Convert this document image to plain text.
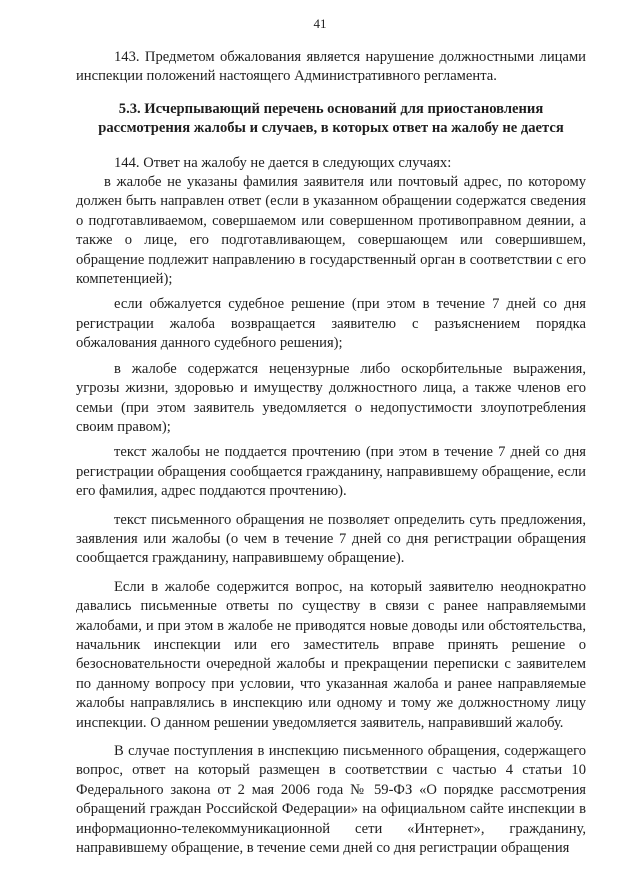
41

143. Предметом обжалования является нарушение должностными лицами инспекции положений настоящего Административного регламента.

5.3. Исчерпывающий перечень оснований для приостановления рассмотрения жалобы и случаев, в которых ответ на жалобу не дается

144. Ответ на жалобу не дается в следующих случаях:

в жалобе не указаны фамилия заявителя или почтовый адрес, по которому должен быть направлен ответ (если в указанном обращении содержатся сведения о подготавливаемом, совершаемом или совершенном противоправном деянии, а также о лице, его подготавливающем, совершающем или совершившем, обращение подлежит направлению в государственный орган в соответствии с его компетенцией);

если обжалуется судебное решение (при этом в течение 7 дней со дня регистрации жалоба возвращается заявителю с разъяснением порядка обжалования данного судебного решения);

в жалобе содержатся нецензурные либо оскорбительные выражения, угрозы жизни, здоровью и имуществу должностного лица, а также членов его семьи (при этом заявитель уведомляется о недопустимости злоупотребления своим правом);

текст жалобы не поддается прочтению (при этом в течение 7 дней со дня регистрации обращения сообщается гражданину, направившему обращение, если его фамилия, адрес поддаются прочтению).

текст письменного обращения не позволяет определить суть предложения, заявления или жалобы (о чем в течение 7 дней со дня регистрации обращения сообщается гражданину, направившему обращение).

Если в жалобе содержится вопрос, на который заявителю неоднократно давались письменные ответы по существу в связи с ранее направляемыми жалобами, и при этом в жалобе не приводятся новые доводы или обстоятельства, начальник инспекции или его заместитель вправе принять решение о безосновательности очередной жалобы и прекращении переписки с заявителем по данному вопросу при условии, что указанная жалоба и ранее направляемые жалобы направлялись в инспекцию или одному и тому же должностному лицу инспекции. О данном решении уведомляется заявитель, направивший жалобу.

В случае поступления в инспекцию письменного обращения, содержащего вопрос, ответ на который размещен в соответствии с частью 4 статьи 10 Федерального закона от 2 мая 2006 года № 59-ФЗ «О порядке рассмотрения обращений граждан Российской Федерации» на официальном сайте инспекции в информационно-телекоммуникационной сети «Интернет», гражданину, направившему обращение, в течение семи дней со дня регистрации обращения
